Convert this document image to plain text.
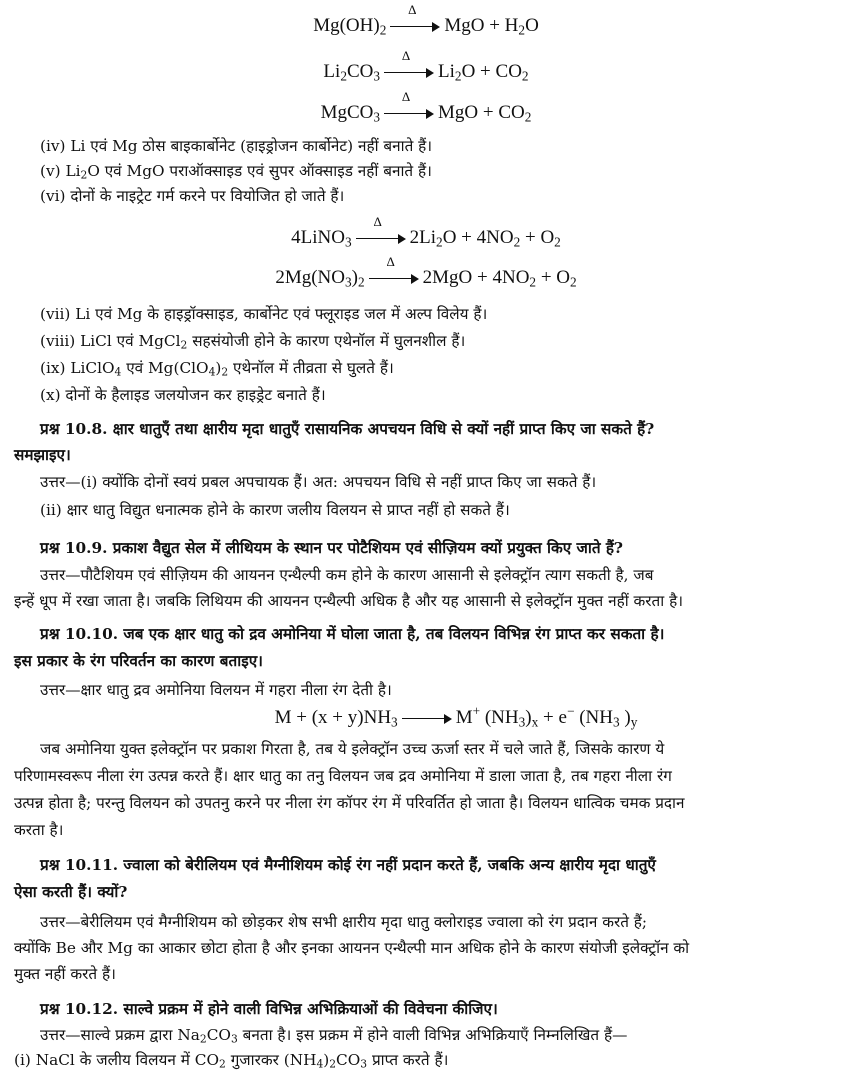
$Mg(OH)_2$
Δ
MgO + $H_2O$
$Li_2CO_3$
Δ
$Li_2O + CO_2$
MgCO$_3$
Δ
MgO + $CO_2$
(iv) Li एवं Mg ठोस बाइकार्बोनेट (हाइड्रोजन कार्बोनेट) नहीं बनाते हैं।
(v) $Li_2O$ एवं MgO पराऑक्साइड एवं सुपर ऑक्साइड नहीं बनाते हैं।
(vi) दोनों के नाइट्रेट गर्म करने पर वियोजित हो जाते हैं।
4LiNO$_3$
Δ
$2Li_2O + 4NO_2 + O_2$
$2Mg(NO_3)_2$
Δ
$2MgO + 4NO_2 + O_2$
(vii) Li एवं Mg के हाइड्रॉक्साइड, कार्बोनेट एवं फ्लूराइड जल में अल्प विलेय हैं।
(viii) LiCl एवं MgCl$_2$ सहसंयोजी होने के कारण एथेनॉल में घुलनशील हैं।
(ix) LiClO$_4$ एवं $Mg(ClO_4)_2$ एथेनॉल में तीव्रता से घुलते हैं।
(x) दोनों के हैलाइड जलयोजन कर हाइड्रेट बनाते हैं।
प्रश्न 10.8. क्षार धातुएँ तथा क्षारीय मृदा धातुएँ रासायनिक अपचयन विधि से क्यों नहीं प्राप्त किए जा सकते हैं?
समझाइए।
उत्तर—(i) क्योंकि दोनों स्वयं प्रबल अपचायक हैं। अत: अपचयन विधि से नहीं प्राप्त किए जा सकते हैं।
(ii) क्षार धातु विद्युत धनात्मक होने के कारण जलीय विलयन से प्राप्त नहीं हो सकते हैं।
प्रश्न 10.9. प्रकाश वैद्युत सेल में लीथियम के स्थान पर पोटैशियम एवं सीज़ियम क्यों प्रयुक्त किए जाते हैं?
उत्तर—पौटैशियम एवं सीज़ियम की आयनन एन्थैल्पी कम होने के कारण आसानी से इलेक्ट्रॉन त्याग सकती है, जब
इन्हें धूप में रखा जाता है। जबकि लिथियम की आयनन एन्थैल्पी अधिक है और यह आसानी से इलेक्ट्रॉन मुक्त नहीं करता है।
प्रश्न 10.10. जब एक क्षार धातु को द्रव अमोनिया में घोला जाता है, तब विलयन विभिन्न रंग प्राप्त कर सकता है।
इस प्रकार के रंग परिवर्तन का कारण बताइए।
उत्तर—क्षार धातु द्रव अमोनिया विलयन में गहरा नीला रंग देती है।
$M + (x + y)NH_3$	M+ $(NH_3)_x + e^-$ ($NH_3$ )$_y$
जब अमोनिया युक्त इलेक्ट्रॉन पर प्रकाश गिरता है, तब ये इलेक्ट्रॉन उच्च ऊर्जा स्तर में चले जाते हैं, जिसके कारण ये
परिणामस्वरूप नीला रंग उत्पन्न करते हैं। क्षार धातु का तनु विलयन जब द्रव अमोनिया में डाला जाता है, तब गहरा नीला रंग
उत्पन्न होता है; परन्तु विलयन को उपतनु करने पर नीला रंग कॉपर रंग में परिवर्तित हो जाता है। विलयन धात्विक चमक प्रदान
करता है।
प्रश्न 10.11. ज्वाला को बेरीलियम एवं मैग्नीशियम कोई रंग नहीं प्रदान करते हैं, जबकि अन्य क्षारीय मृदा धातुएँ
ऐसा करती हैं। क्यों?
उत्तर—बेरीलियम एवं मैग्नीशियम को छोड़कर शेष सभी क्षारीय मृदा धातु क्लोराइड ज्वाला को रंग प्रदान करते हैं;
क्योंकि Be और Mg का आकार छोटा होता है और इनका आयनन एन्थैल्पी मान अधिक होने के कारण संयोजी इलेक्ट्रॉन को
मुक्त नहीं करते हैं।
प्रश्न 10.12. साल्वे प्रक्रम में होने वाली विभिन्न अभिक्रियाओं की विवेचना कीजिए।
उत्तर—साल्वे प्रक्रम द्वारा $Na_2CO_3$ बनता है। इस प्रक्रम में होने वाली विभिन्न अभिक्रियाएँ निम्नलिखित हैं—
(i) NaCl के जलीय विलयन में $CO_2$ गुजारकर $(NH_4)_2CO_3$ प्राप्त करते हैं।
